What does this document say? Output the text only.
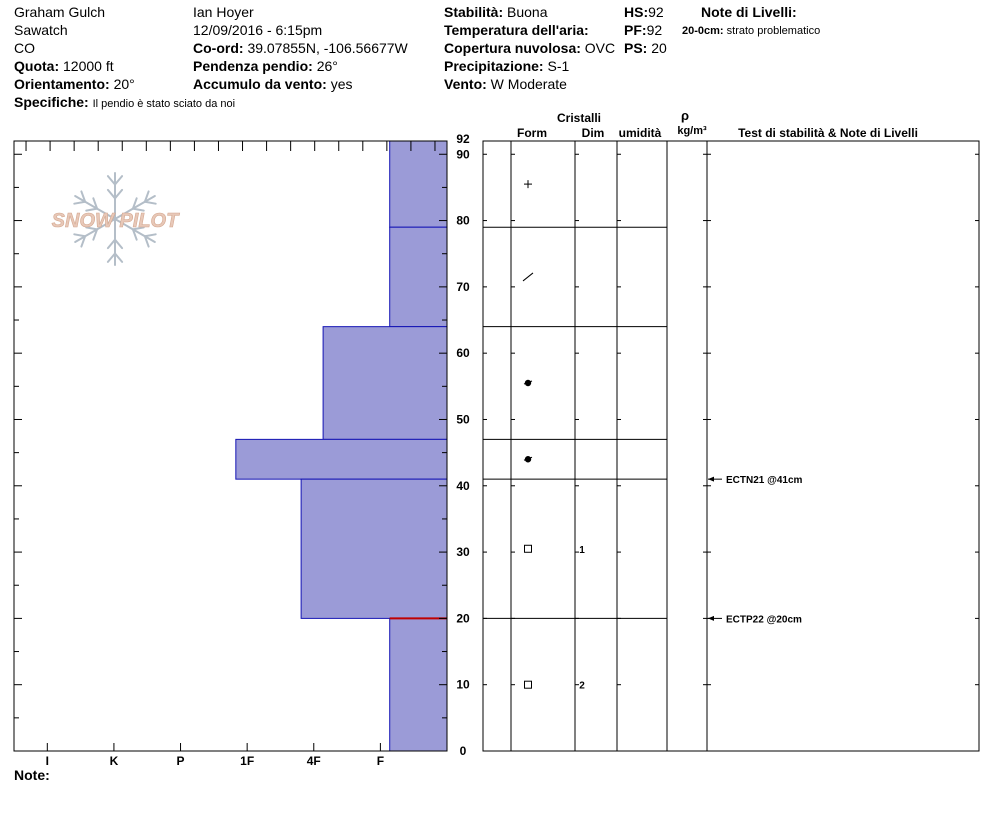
Graham Gulch
Sawatch
CO
Quota: 12000 ft
Orientamento: 20°
Specifiche: Il pendio è stato sciato da noi
Ian Hoyer
12/09/2016 - 6:15pm
Co-ord: 39.07855N, -106.56677W
Pendenza pendio: 26°
Accumulo da vento: yes
Stabilità: Buona
Temperatura dell'aria:
Copertura nuvolosa: OVC
Precipitazione: S-1
Vento: W Moderate
HS:92
PF:92
PS: 20
Note di Livelli:
20-0cm: strato problematico
SNOW PILOT
Cristalli
Form	Dim umidità
ρ
kg/m³	Test di stabilità & Note di Livelli
0
10
20
30
40
50
60
70
80
90
92
I	K	P	1F	4F	F
1
2
ECTN21 @41cm
ECTP22 @20cm
Note:
